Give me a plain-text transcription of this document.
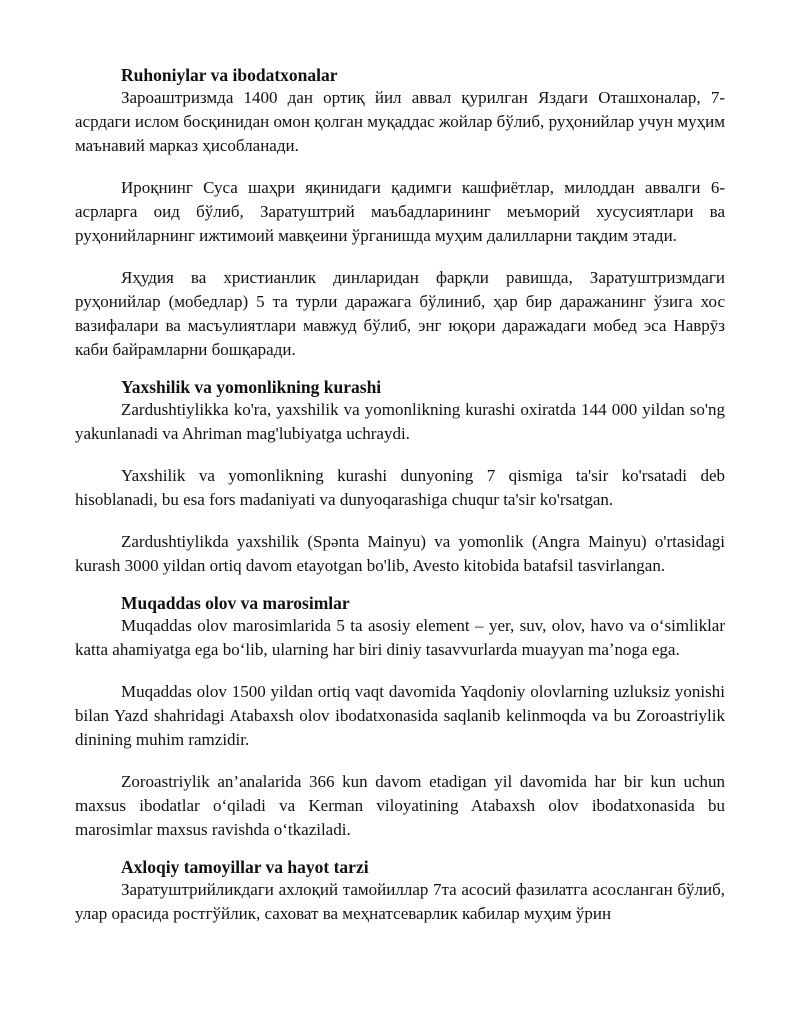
Ruhoniylar va ibodatxonalar

Зароаштризмда 1400 дан ортиқ йил аввал қурилган Яздаги Оташхоналар, 7-асрдаги ислом босқинидан омон қолган муқаддас жойлар бўлиб, руҳонийлар учун муҳим маънавий марказ ҳисобланади.

Ироқнинг Суса шаҳри яқинидаги қадимги кашфиётлар, милоддан аввалги 6-асрларга оид бўлиб, Заратуштрий маъбадларининг меъморий хусусиятлари ва руҳонийларнинг ижтимоий мавқеини ўрганишда муҳим далилларни тақдим этади.

Яҳудия ва христианлик динларидан фарқли равишда, Заратуштризмдаги руҳонийлар (мобедлар) 5 та турли даражага бўлиниб, ҳар бир даражанинг ўзига хос вазифалари ва масъулиятлари мавжуд бўлиб, энг юқори даражадаги мобед эса Наврӯз каби байрамларни бошқаради.

Yaxshilik va yomonlikning kurashi

Zardushtiylikka ko'ra, yaxshilik va yomonlikning kurashi oxiratda 144 000 yildan so'ng yakunlanadi va Ahriman mag'lubiyatga uchraydi.

Yaxshilik va yomonlikning kurashi dunyoning 7 qismiga ta'sir ko'rsatadi deb hisoblanadi, bu esa fors madaniyati va dunyoqarashiga chuqur ta'sir ko'rsatgan.

Zardushtiylikda yaxshilik (Spənta Mainyu) va yomonlik (Angra Mainyu) o'rtasidagi kurash 3000 yildan ortiq davom etayotgan bo'lib, Avesto kitobida batafsil tasvirlangan.

Muqaddas olov va marosimlar

Muqaddas olov marosimlarida 5 ta asosiy element – yer, suv, olov, havo va oʻsimliklar katta ahamiyatga ega boʻlib, ularning har biri diniy tasavvurlarda muayyan maʼnoga ega.

Muqaddas olov 1500 yildan ortiq vaqt davomida Yaqdoniy olovlarning uzluksiz yonishi bilan Yazd shahridagi Atabaxsh olov ibodatxonasida saqlanib kelinmoqda va bu Zoroastriylik dinining muhim ramzidir.

Zoroastriylik an’analarida 366 kun davom etadigan yil davomida har bir kun uchun maxsus ibodatlar oʻqiladi va Kerman viloyatining Atabaxsh olov ibodatxonasida bu marosimlar maxsus ravishda oʻtkaziladi.

Axloqiy tamoyillar va hayot tarzi

Заратуштрийликдаги ахлоқий тамойиллар 7та асосий фазилатга асосланган бўлиб, улар орасида ростгўйлик, саховат ва меҳнатсеварлик кабилар муҳим ўрин
